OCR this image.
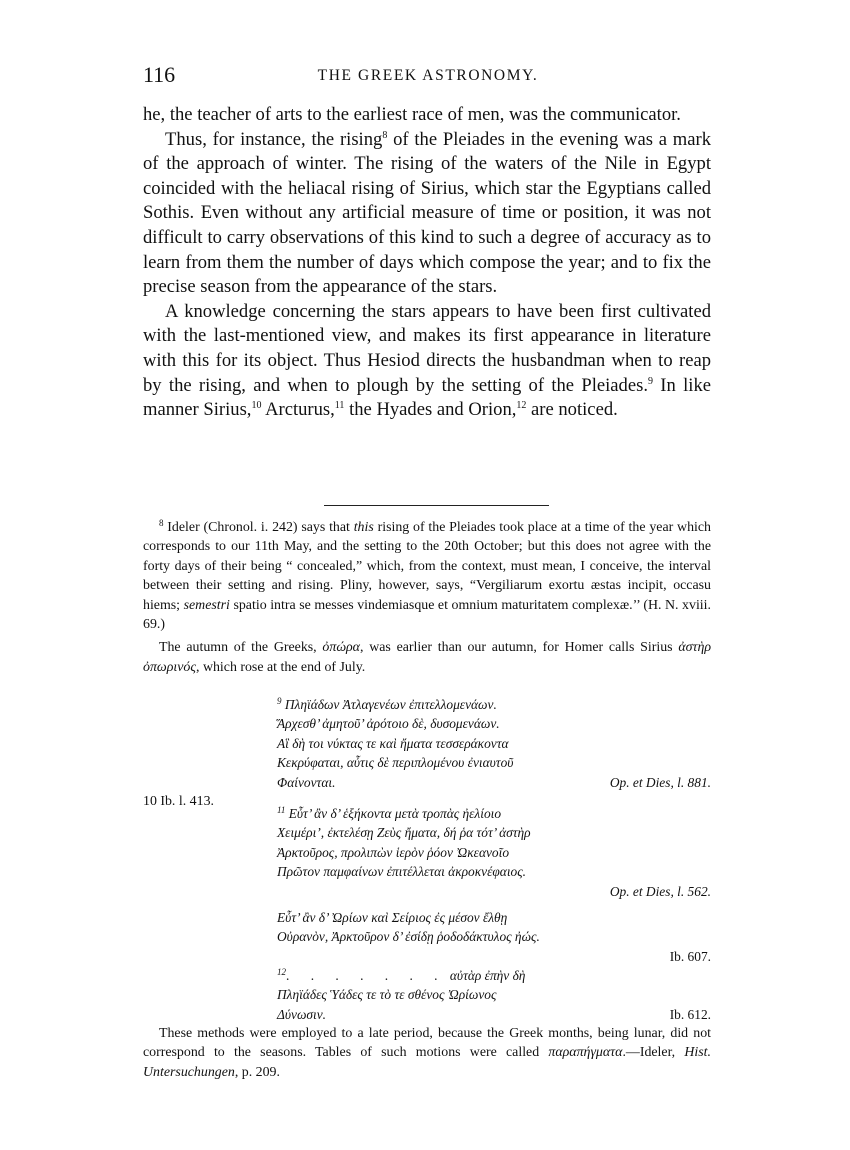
116	THE GREEK ASTRONOMY.

he, the teacher of arts to the earliest race of men, was the communicator.

Thus, for instance, the rising$^8$ of the Pleiades in the evening was a mark of the approach of winter. The rising of the waters of the Nile in Egypt coincided with the heliacal rising of Sirius, which star the Egyptians called Sothis. Even without any artificial measure of time or position, it was not difficult to carry observations of this kind to such a degree of accuracy as to learn from them the number of days which compose the year; and to fix the precise season from the appearance of the stars.

A knowledge concerning the stars appears to have been first cultivated with the last-mentioned view, and makes its first appearance in literature with this for its object. Thus Hesiod directs the husbandman when to reap by the rising, and when to plough by the setting of the Pleiades.$^9$ In like manner Sirius,$^{10}$ Arcturus,$^{11}$ the Hyades and Orion,$^{12}$ are noticed.

$^8$ Ideler (Chronol. i. 242) says that this rising of the Pleiades took place at a time of the year which corresponds to our 11th May, and the setting to the 20th October; but this does not agree with the forty days of their being “ concealed,” which, from the context, must mean, I conceive, the interval between their setting and rising. Pliny, however, says, “Vergiliarum exortu æstas incipit, occasu hiems; semestri spatio intra se messes vindemiasque et omnium maturitatem complexæ.’’ (H. N. xviii. 69.)

The autumn of the Greeks, ὀπώρα, was earlier than our autumn, for Homer calls Sirius ἀστὴρ ὀπωρινός, which rose at the end of July.

$^9$ Πληϊάδων Ἀτλαγενέων ἐπιτελλομενάων.
Ἅρχεσθ’ ἀμητοῦ’ ἀρότοιο δὲ, δυσομενάων.
Αἳ δὴ τοι νύκτας τε καὶ ἤματα τεσσεράκοντα
Κεκρύφαται, αὖτις δὲ περιπλομένου ἐνιαυτοῦ
Φαίνονται.	Op. et Dies, l. 881.
10 Ib. l. 413.
$^{11}$ Εὖτ’ ἂν δ’ ἑξήκοντα μετὰ τροπὰς ἠελίοιο
Χειμέρι’, ἐκτελέσῃ Ζεὺς ἤματα, δή ῥα τότ’ ἀστὴρ
Ἀρκτοῦρος, προλιπὼν ἱερὸν ῥόον Ὠκεανοῖο
Πρῶτον παμφαίνων ἐπιτέλλεται ἀκροκνέφαιος.
Op. et Dies, l. 562.
Εὖτ’ ἂν δ’ Ὠρίων καὶ Σείριος ἐς μέσον ἔλθῃ
Οὐρανὸν, Ἀρκτοῦρον δ’ ἐσίδῃ ῥοδοδάκτυλος ἠώς.
Ib. 607.
$^{12}$. . . . . . . αὐτὰρ ἐπὴν δὴ
Πληϊάδες Ὑάδες τε τὸ τε σθένος Ὠρίωνος
Δύνωσιν.	Ib. 612.

These methods were employed to a late period, because the Greek months, being lunar, did not correspond to the seasons. Tables of such motions were called παραπήγματα.—Ideler, Hist. Untersuchungen, p. 209.
